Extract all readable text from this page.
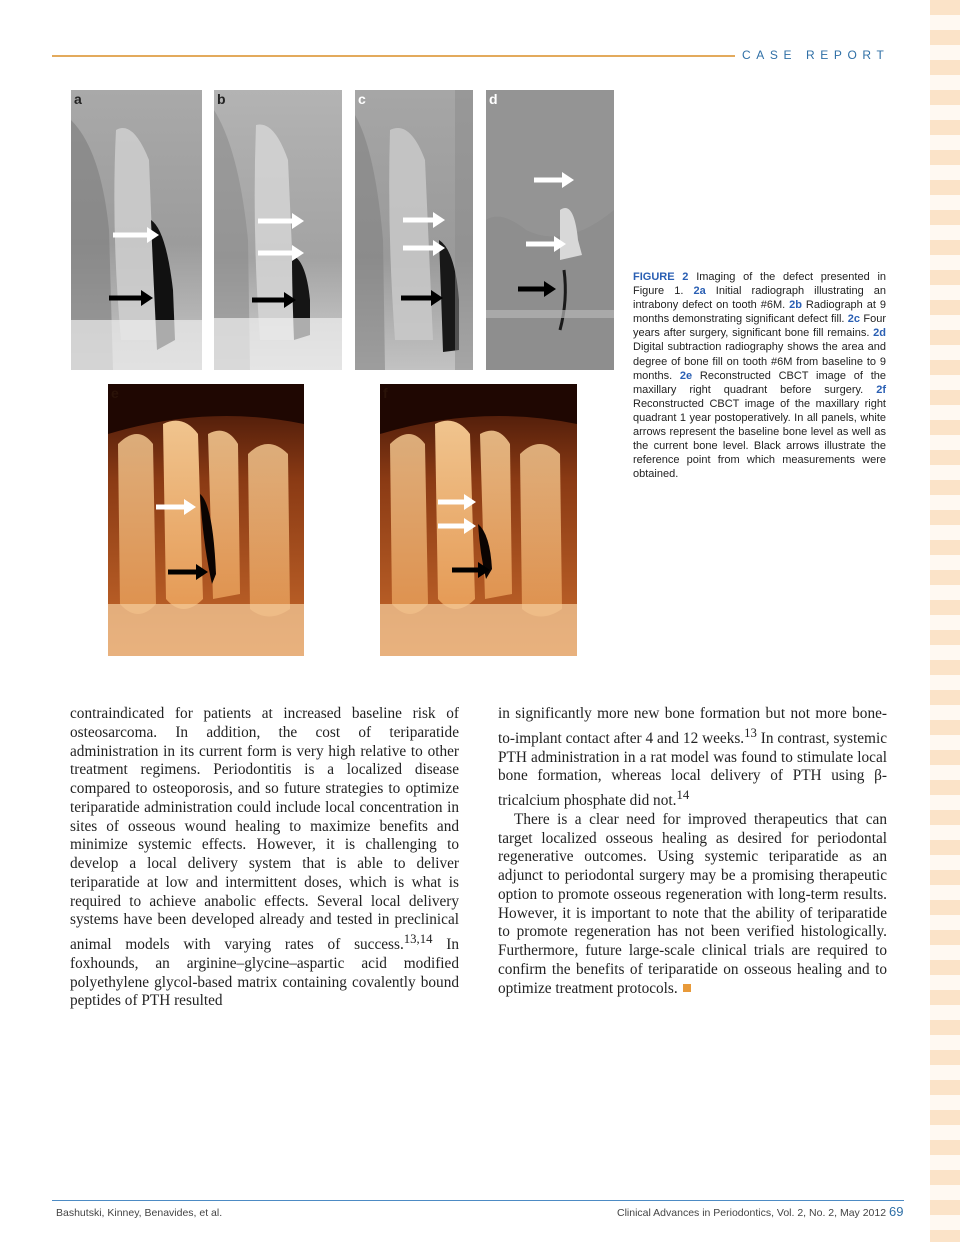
CASE REPORT
a	b	c	d
e	f
FIGURE 2 Imaging of the defect presented in Figure 1. 2a Initial radiograph illustrating an intrabony defect on tooth #6M. 2b Radiograph at 9 months demonstrating significant defect fill. 2c Four years after surgery, significant bone fill remains. 2d Digital subtraction radiography shows the area and degree of bone fill on tooth #6M from baseline to 9 months. 2e Reconstructed CBCT image of the maxillary right quadrant before surgery. 2f Reconstructed CBCT image of the maxillary right quadrant 1 year postoperatively. In all panels, white arrows represent the baseline bone level as well as the current bone level. Black arrows illustrate the reference point from which measurements were obtained.

contraindicated for patients at increased baseline risk of osteosarcoma. In addition, the cost of teriparatide administration in its current form is very high relative to other treatment regimens. Periodontitis is a localized disease compared to osteoporosis, and so future strategies to optimize teriparatide administration could include local concentration in sites of osseous wound healing to maximize benefits and minimize systemic effects. However, it is challenging to develop a local delivery system that is able to deliver teriparatide at low and intermittent doses, which is what is required to achieve anabolic effects. Several local delivery systems have been developed already and tested in preclinical animal models with varying rates of success.$^{13,14}$ In foxhounds, an arginine–glycine–aspartic acid modified polyethylene glycol-based matrix containing covalently bound peptides of PTH resulted

in significantly more new bone formation but not more bone-to-implant contact after 4 and 12 weeks.$^{13}$ In contrast, systemic PTH administration in a rat model was found to stimulate local bone formation, whereas local delivery of PTH using β-tricalcium phosphate did not.$^{14}$

There is a clear need for improved therapeutics that can target localized osseous healing as desired for periodontal regenerative outcomes. Using systemic teriparatide as an adjunct to periodontal surgery may be a promising therapeutic option to promote osseous regeneration with long-term results. However, it is important to note that the ability of teriparatide to promote regeneration has not been verified histologically. Furthermore, future large-scale clinical trials are required to confirm the benefits of teriparatide on osseous healing and to optimize treatment protocols.

Bashutski, Kinney, Benavides, et al.	Clinical Advances in Periodontics, Vol. 2, No. 2, May 2012 69
